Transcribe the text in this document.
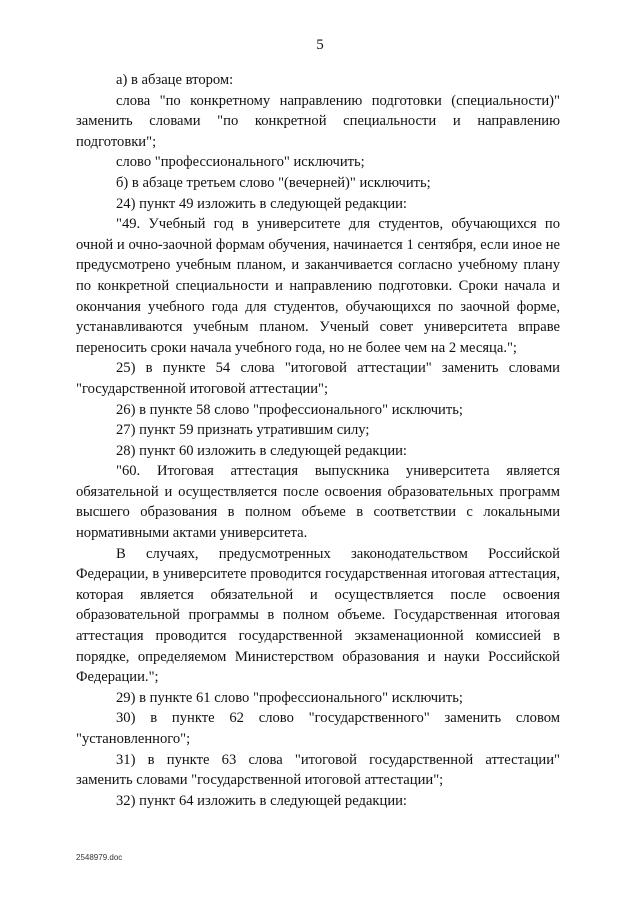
5

а) в абзаце втором:

слова "по конкретному направлению подготовки (специальности)" заменить словами "по конкретной специальности и направлению подготовки";

слово "профессионального" исключить;

б) в абзаце третьем слово "(вечерней)" исключить;

24) пункт 49 изложить в следующей редакции:

"49. Учебный год в университете для студентов, обучающихся по очной и очно-заочной формам обучения, начинается 1 сентября, если иное не предусмотрено учебным планом, и заканчивается согласно учебному плану по конкретной специальности и направлению подготовки. Сроки начала и окончания учебного года для студентов, обучающихся по заочной форме, устанавливаются учебным планом. Ученый совет университета вправе переносить сроки начала учебного года, но не более чем на 2 месяца.";

25) в пункте 54 слова "итоговой аттестации" заменить словами "государственной итоговой аттестации";

26) в пункте 58 слово "профессионального" исключить;

27) пункт 59 признать утратившим силу;

28) пункт 60 изложить в следующей редакции:

"60. Итоговая аттестация выпускника университета является обязательной и осуществляется после освоения образовательных программ высшего образования в полном объеме в соответствии с локальными нормативными актами университета.

В случаях, предусмотренных законодательством Российской Федерации, в университете проводится государственная итоговая аттестация, которая является обязательной и осуществляется после освоения образовательной программы в полном объеме. Государственная итоговая аттестация проводится государственной экзаменационной комиссией в порядке, определяемом Министерством образования и науки Российской Федерации.";

29) в пункте 61 слово "профессионального" исключить;

30) в пункте 62 слово "государственного" заменить словом "установленного";

31) в пункте 63 слова "итоговой государственной аттестации" заменить словами "государственной итоговой аттестации";

32) пункт 64 изложить в следующей редакции:

2548979.doc
